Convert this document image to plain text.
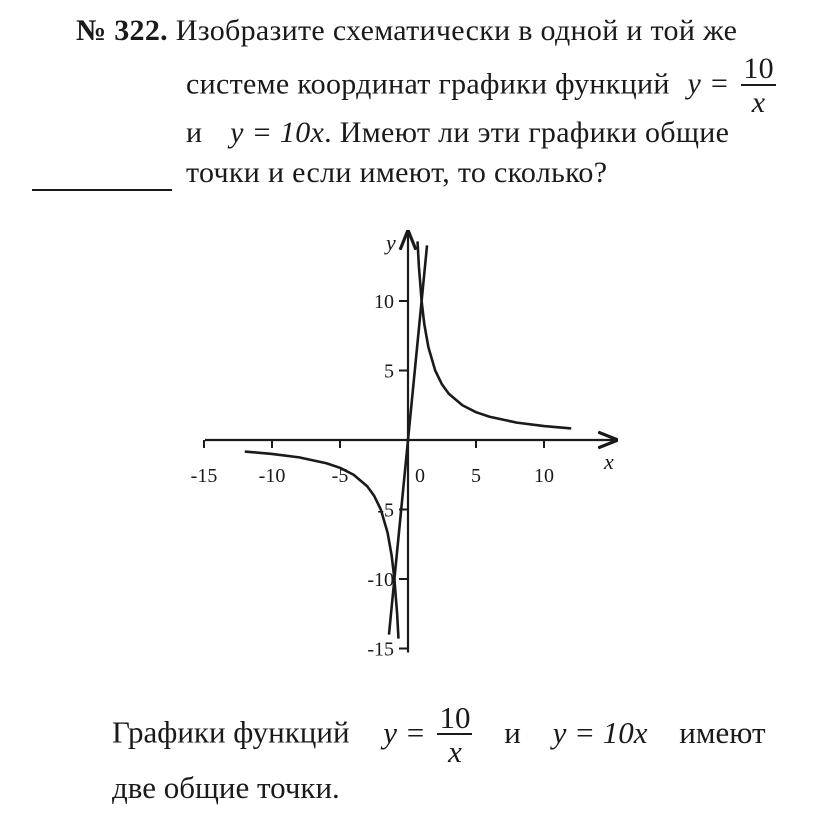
№ 322. Изобразите схематически в одной и той же
системе координат графики функций $y = \frac{10}{x}$
и y = 10x. Имеют ли эти графики общие
точки и если имеют, то сколько?
x
y
-15 -10 -5	0 5	10
-15
-10
-5
5
10
Графики функций $y = \frac{10}{x}$ и y = 10x имеют
две общие точки.
